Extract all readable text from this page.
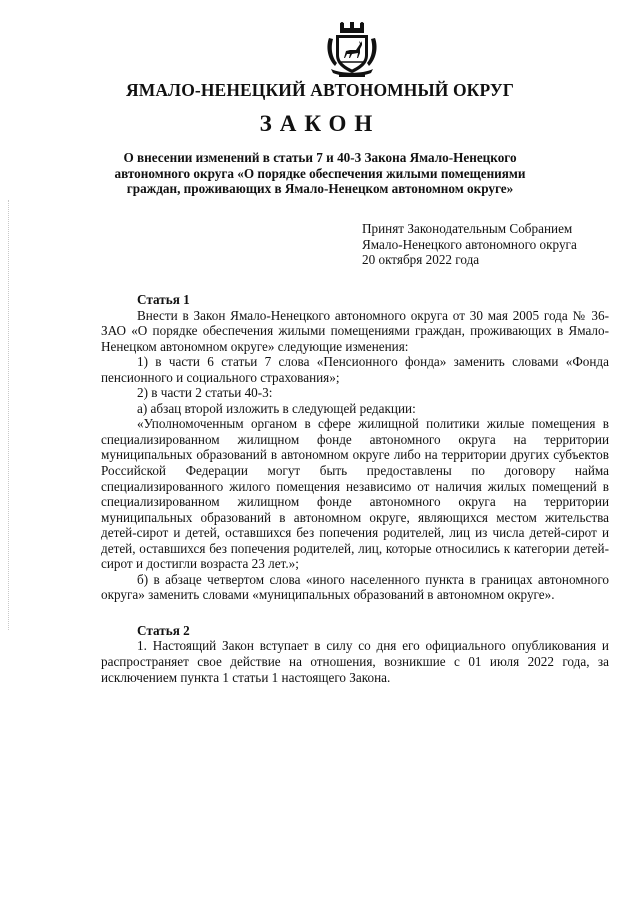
ЯМАЛО-НЕНЕЦКИЙ АВТОНОМНЫЙ ОКРУГ
ЗАКОН
О внесении изменений в статьи 7 и 40-3 Закона Ямало-Ненецкого
автономного округа «О порядке обеспечения жилыми помещениями
граждан, проживающих в Ямало-Ненецком автономном округе»
Принят Законодательным Собранием
Ямало-Ненецкого автономного округа
20 октября 2022 года

Статья 1

Внести в Закон Ямало-Ненецкого автономного округа от 30 мая 2005 года № 36-ЗАО «О порядке обеспечения жилыми помещениями граждан, проживающих в Ямало-Ненецком автономном округе» следующие изменения:

1) в части 6 статьи 7 слова «Пенсионного фонда» заменить словами «Фонда пенсионного и социального страхования»;

2) в части 2 статьи 40-3:

а) абзац второй изложить в следующей редакции:

«Уполномоченным органом в сфере жилищной политики жилые помещения в специализированном жилищном фонде автономного округа на территории муниципальных образований в автономном округе либо на территории других субъектов Российской Федерации могут быть предоставлены по договору найма специализированного жилого помещения независимо от наличия жилых помещений в специализированном жилищном фонде автономного округа на территории муниципальных образований в автономном округе, являющихся местом жительства детей-сирот и детей, оставшихся без попечения родителей, лиц из числа детей-сирот и детей, оставшихся без попечения родителей, лиц, которые относились к категории детей-сирот и достигли возраста 23 лет.»;

б) в абзаце четвертом слова «иного населенного пункта в границах автономного округа» заменить словами «муниципальных образований в автономном округе».

Статья 2

1. Настоящий Закон вступает в силу со дня его официального опубликования и распространяет свое действие на отношения, возникшие с 01 июля 2022 года, за исключением пункта 1 статьи 1 настоящего Закона.
